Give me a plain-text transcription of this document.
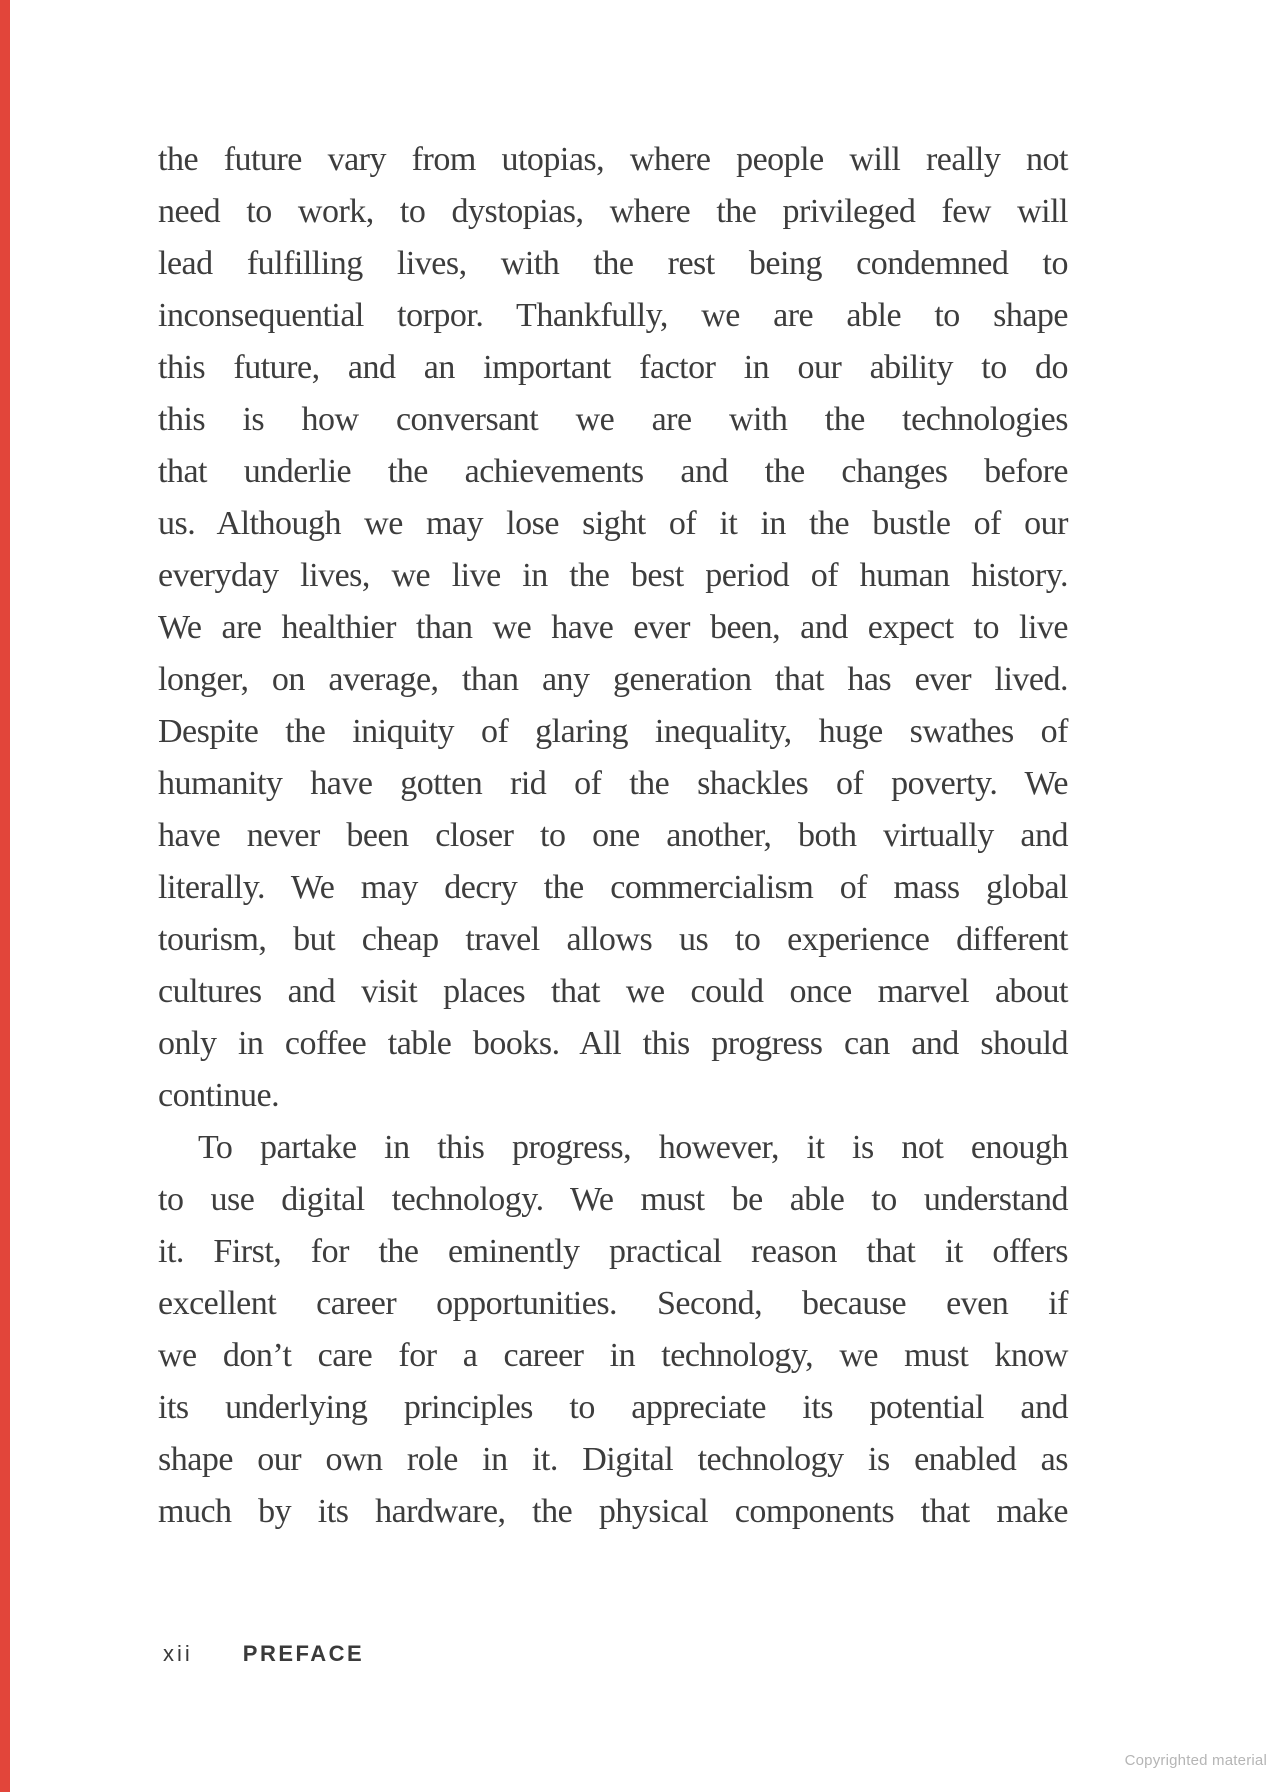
the future vary from utopias, where people will really not
need to work, to dystopias, where the privileged few will
lead fulfilling lives, with the rest being condemned to
inconsequential torpor. Thankfully, we are able to shape
this future, and an important factor in our ability to do
this is how conversant we are with the technologies
that underlie the achievements and the changes before
us. Although we may lose sight of it in the bustle of our
everyday lives, we live in the best period of human history.
We are healthier than we have ever been, and expect to live
longer, on average, than any generation that has ever lived.
Despite the iniquity of glaring inequality, huge swathes of
humanity have gotten rid of the shackles of poverty. We
have never been closer to one another, both virtually and
literally. We may decry the commercialism of mass global
tourism, but cheap travel allows us to experience different
cultures and visit places that we could once marvel about
only in coffee table books. All this progress can and should
continue.
To partake in this progress, however, it is not enough
to use digital technology. We must be able to understand
it. First, for the eminently practical reason that it offers
excellent career opportunities. Second, because even if
we don’t care for a career in technology, we must know
its underlying principles to appreciate its potential and
shape our own role in it. Digital technology is enabled as
much by its hardware, the physical components that make
xii PREFACE
Copyrighted material
